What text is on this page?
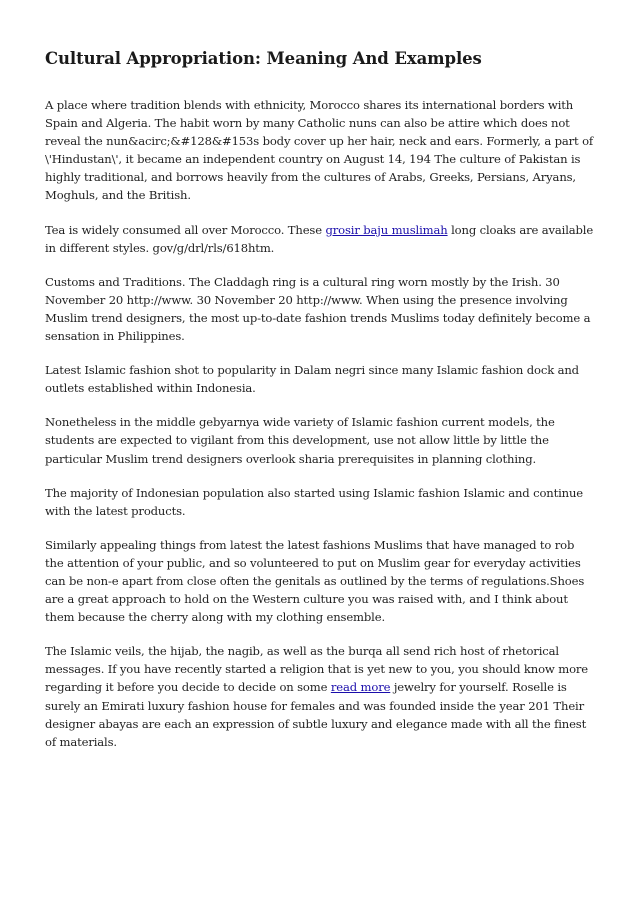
Cultural Appropriation: Meaning And Examples

A place where tradition blends with ethnicity, Morocco shares its international borders with Spain and Algeria. The habit worn by many Catholic nuns can also be attire which does not reveal the nun&acirc;&#128&#153s body cover up her hair, neck and ears. Formerly, a part of \'Hindustan\', it became an independent country on August 14, 194 The culture of Pakistan is highly traditional, and borrows heavily from the cultures of Arabs, Greeks, Persians, Aryans, Moghuls, and the British.

Tea is widely consumed all over Morocco. These grosir baju muslimah long cloaks are available in different styles. gov/g/drl/rls/618htm.

Customs and Traditions. The Claddagh ring is a cultural ring worn mostly by the Irish. 30 November 20 http://www. 30 November 20 http://www. When using the presence involving Muslim trend designers, the most up-to-date fashion trends Muslims today definitely become a sensation in Philippines.

Latest Islamic fashion shot to popularity in Dalam negri since many Islamic fashion dock and outlets established within Indonesia.

Nonetheless in the middle gebyarnya wide variety of Islamic fashion current models, the students are expected to vigilant from this development, use not allow little by little the particular Muslim trend designers overlook sharia prerequisites in planning clothing.

The majority of Indonesian population also started using Islamic fashion Islamic and continue with the latest products.

Similarly appealing things from latest the latest fashions Muslims that have managed to rob the attention of your public, and so volunteered to put on Muslim gear for everyday activities can be non-e apart from close often the genitals as outlined by the terms of regulations.Shoes are a great approach to hold on the Western culture you was raised with, and I think about them because the cherry along with my clothing ensemble.

The Islamic veils, the hijab, the nagib, as well as the burqa all send rich host of rhetorical messages. If you have recently started a religion that is yet new to you, you should know more regarding it before you decide to decide on some read more jewelry for yourself. Roselle is surely an Emirati luxury fashion house for females and was founded inside the year 201 Their designer abayas are each an expression of subtle luxury and elegance made with all the finest of materials.
